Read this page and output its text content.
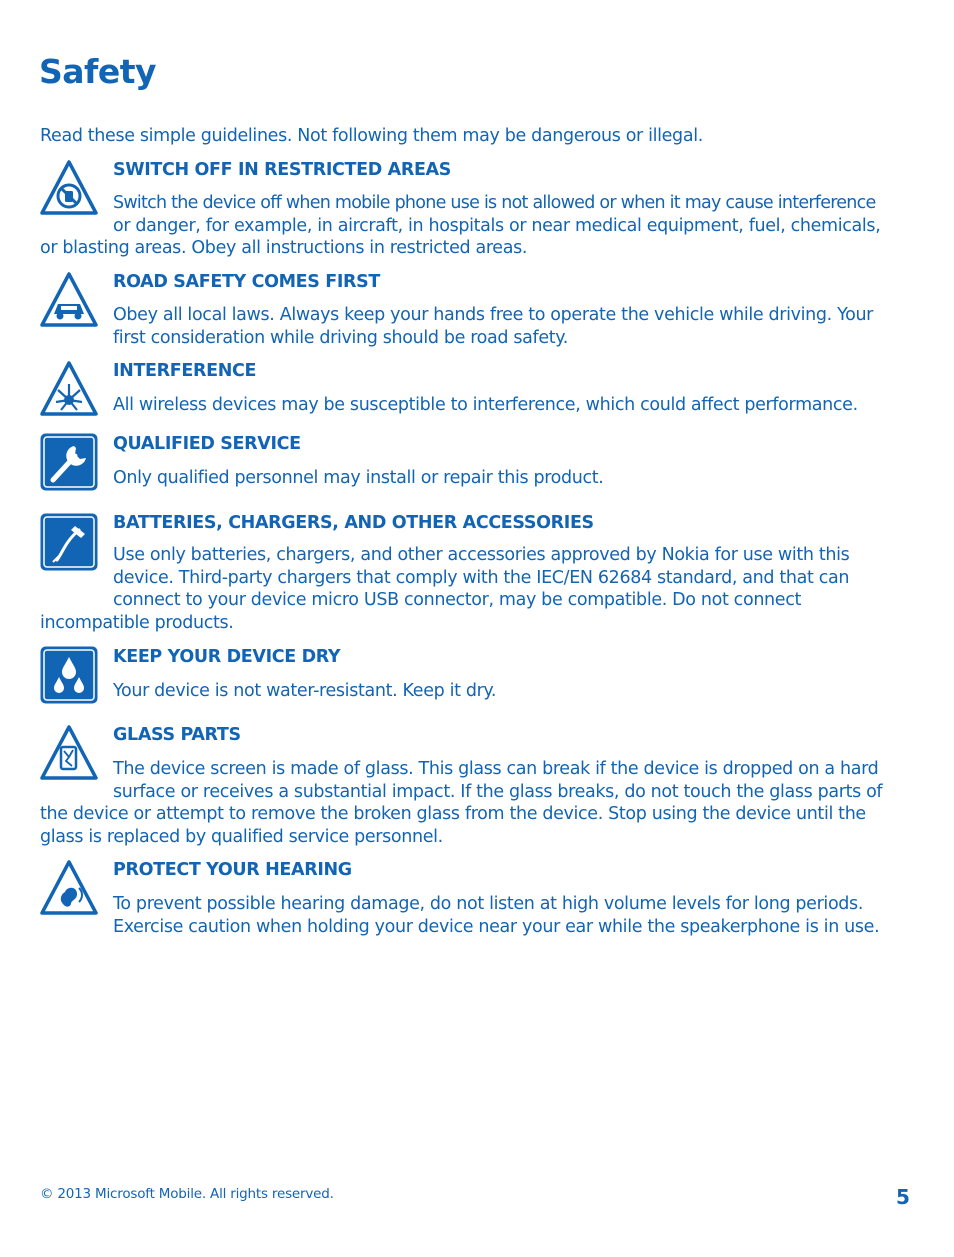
Safety
Read these simple guidelines. Not following them may be dangerous or illegal.
SWITCH OFF IN RESTRICTED AREAS
Switch the device off when mobile phone use is not allowed or when it may cause interference
or danger, for example, in aircraft, in hospitals or near medical equipment, fuel, chemicals,
or blasting areas. Obey all instructions in restricted areas.
ROAD SAFETY COMES FIRST
Obey all local laws. Always keep your hands free to operate the vehicle while driving. Your
first consideration while driving should be road safety.
INTERFERENCE
All wireless devices may be susceptible to interference, which could affect performance.
QUALIFIED SERVICE
Only qualified personnel may install or repair this product.
BATTERIES, CHARGERS, AND OTHER ACCESSORIES
Use only batteries, chargers, and other accessories approved by Nokia for use with this
device. Third-party chargers that comply with the IEC/EN 62684 standard, and that can
connect to your device micro USB connector, may be compatible. Do not connect
incompatible products.
KEEP YOUR DEVICE DRY
Your device is not water-resistant. Keep it dry.
GLASS PARTS
The device screen is made of glass. This glass can break if the device is dropped on a hard
surface or receives a substantial impact. If the glass breaks, do not touch the glass parts of
the device or attempt to remove the broken glass from the device. Stop using the device until the
glass is replaced by qualified service personnel.
PROTECT YOUR HEARING
To prevent possible hearing damage, do not listen at high volume levels for long periods.
Exercise caution when holding your device near your ear while the speakerphone is in use.
© 2013 Microsoft Mobile. All rights reserved.	5
